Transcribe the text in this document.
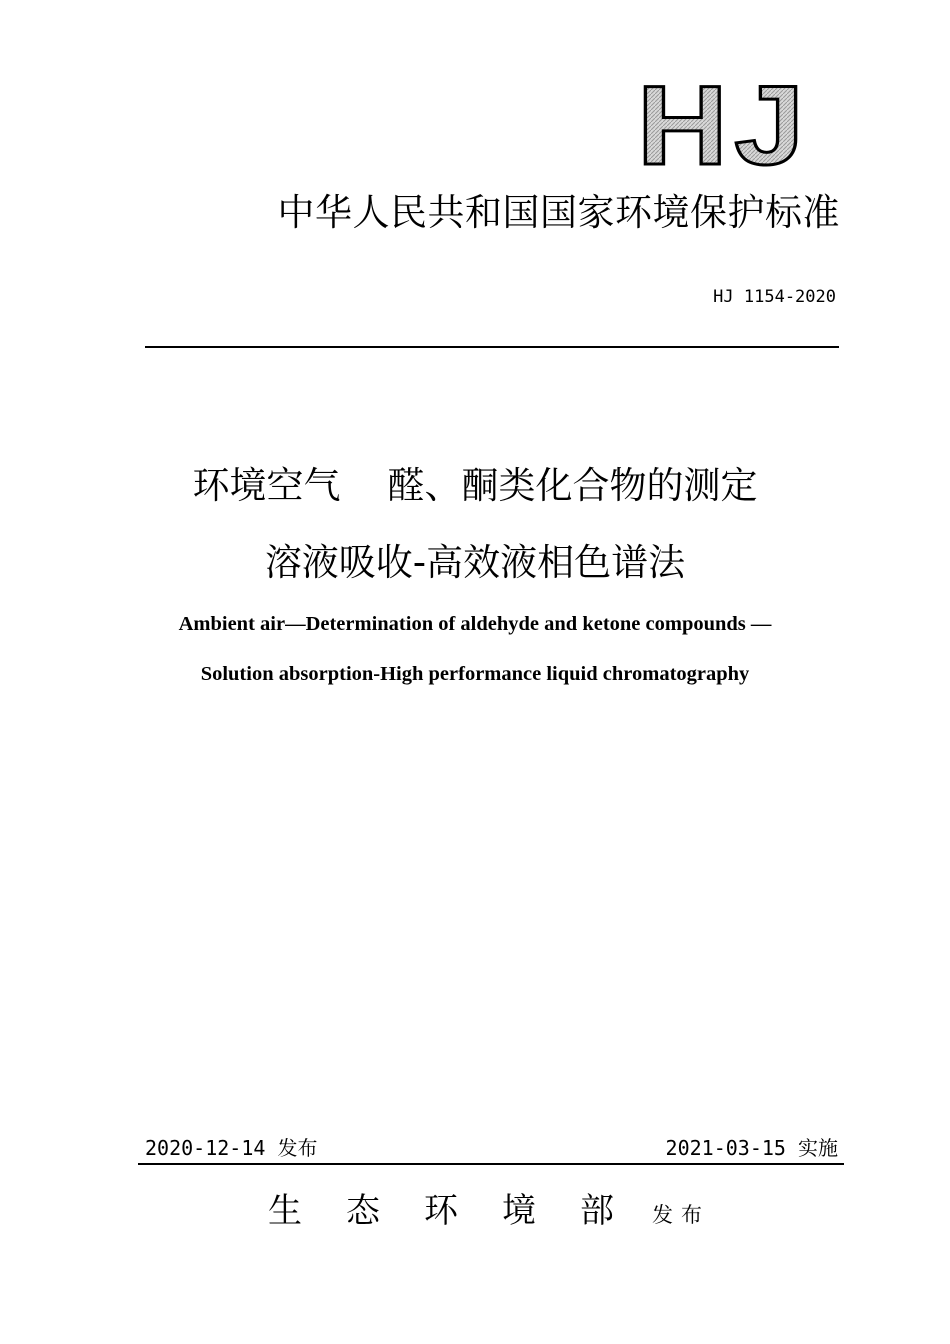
HJ
中华人民共和国国家环境保护标准
HJ 1154-2020
环境空气    醛、酮类化合物的测定
溶液吸收-高效液相色谱法
Ambient air—Determination of aldehyde and ketone compounds —
Solution absorption-High performance liquid chromatography
2020-12-14 发布	2021-03-15 实施
生态环境部
发布
